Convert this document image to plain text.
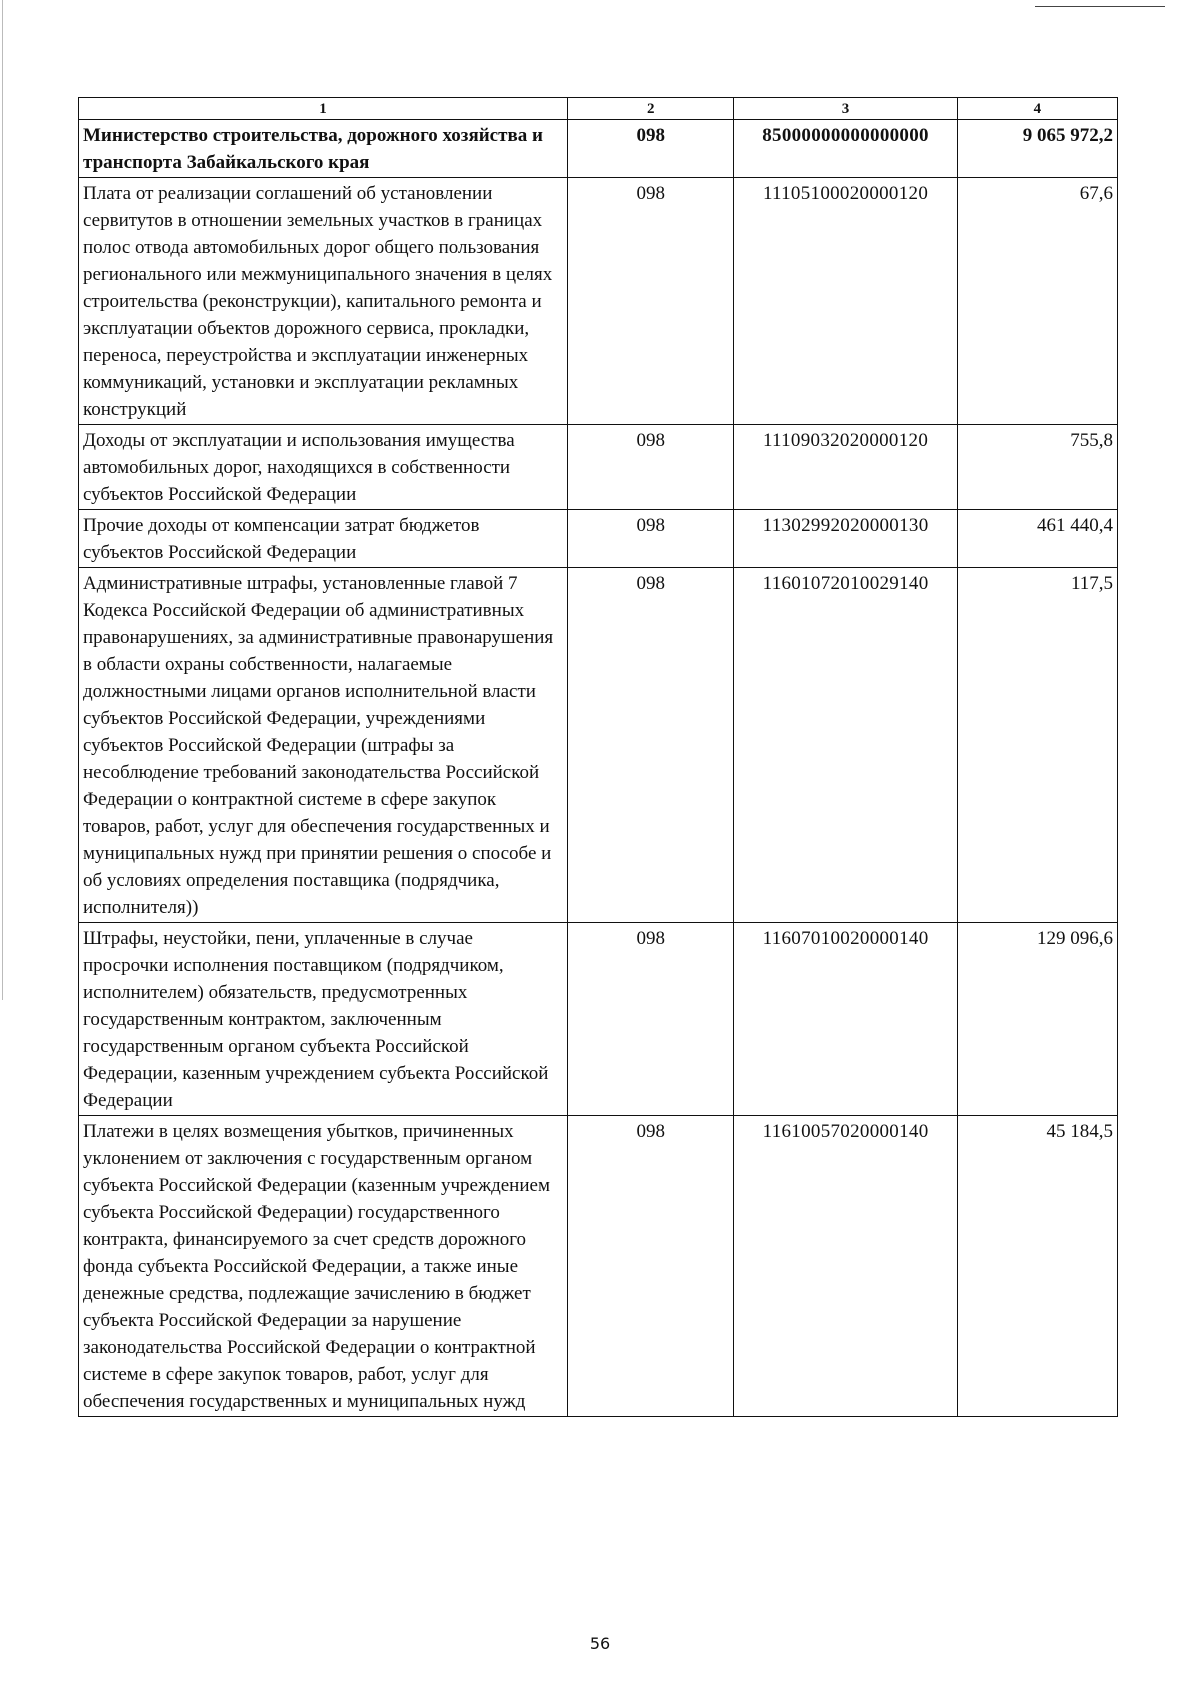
1	2	3	4
Министерство строительства, дорожного хозяйства и транспорта Забайкальского края	098	85000000000000000	9 065 972,2
Плата от реализации соглашений об установлении сервитутов в отношении земельных участков в границах полос отвода автомобильных дорог общего пользования регионального или межмуниципального значения в целях строительства (реконструкции), капитального ремонта и эксплуатации объектов дорожного сервиса, прокладки, переноса, переустройства и эксплуатации инженерных коммуникаций, установки и эксплуатации рекламных конструкций	098	11105100020000120	67,6
Доходы от эксплуатации и использования имущества автомобильных дорог, находящихся в собственности субъектов Российской Федерации	098	11109032020000120	755,8
Прочие доходы от компенсации затрат бюджетов субъектов Российской Федерации	098	11302992020000130	461 440,4
Административные штрафы, установленные главой 7 Кодекса Российской Федерации об административных правонарушениях, за административные правонарушения в области охраны собственности, налагаемые должностными лицами органов исполнительной власти субъектов Российской Федерации, учреждениями субъектов Российской Федерации (штрафы за несоблюдение требований законодательства Российской Федерации о контрактной системе в сфере закупок товаров, работ, услуг для обеспечения государственных и муниципальных нужд при принятии решения о способе и об условиях определения поставщика (подрядчика, исполнителя))	098	11601072010029140	117,5
Штрафы, неустойки, пени, уплаченные в случае просрочки исполнения поставщиком (подрядчиком, исполнителем) обязательств, предусмотренных государственным контрактом, заключенным государственным органом субъекта Российской Федерации, казенным учреждением субъекта Российской Федерации	098	11607010020000140	129 096,6
Платежи в целях возмещения убытков, причиненных уклонением от заключения с государственным органом субъекта Российской Федерации (казенным учреждением субъекта Российской Федерации) государственного контракта, финансируемого за счет средств дорожного фонда субъекта Российской Федерации, а также иные денежные средства, подлежащие зачислению в бюджет субъекта Российской Федерации за нарушение законодательства Российской Федерации о контрактной системе в сфере закупок товаров, работ, услуг для обеспечения государственных и муниципальных нужд	098	11610057020000140	45 184,5
56
